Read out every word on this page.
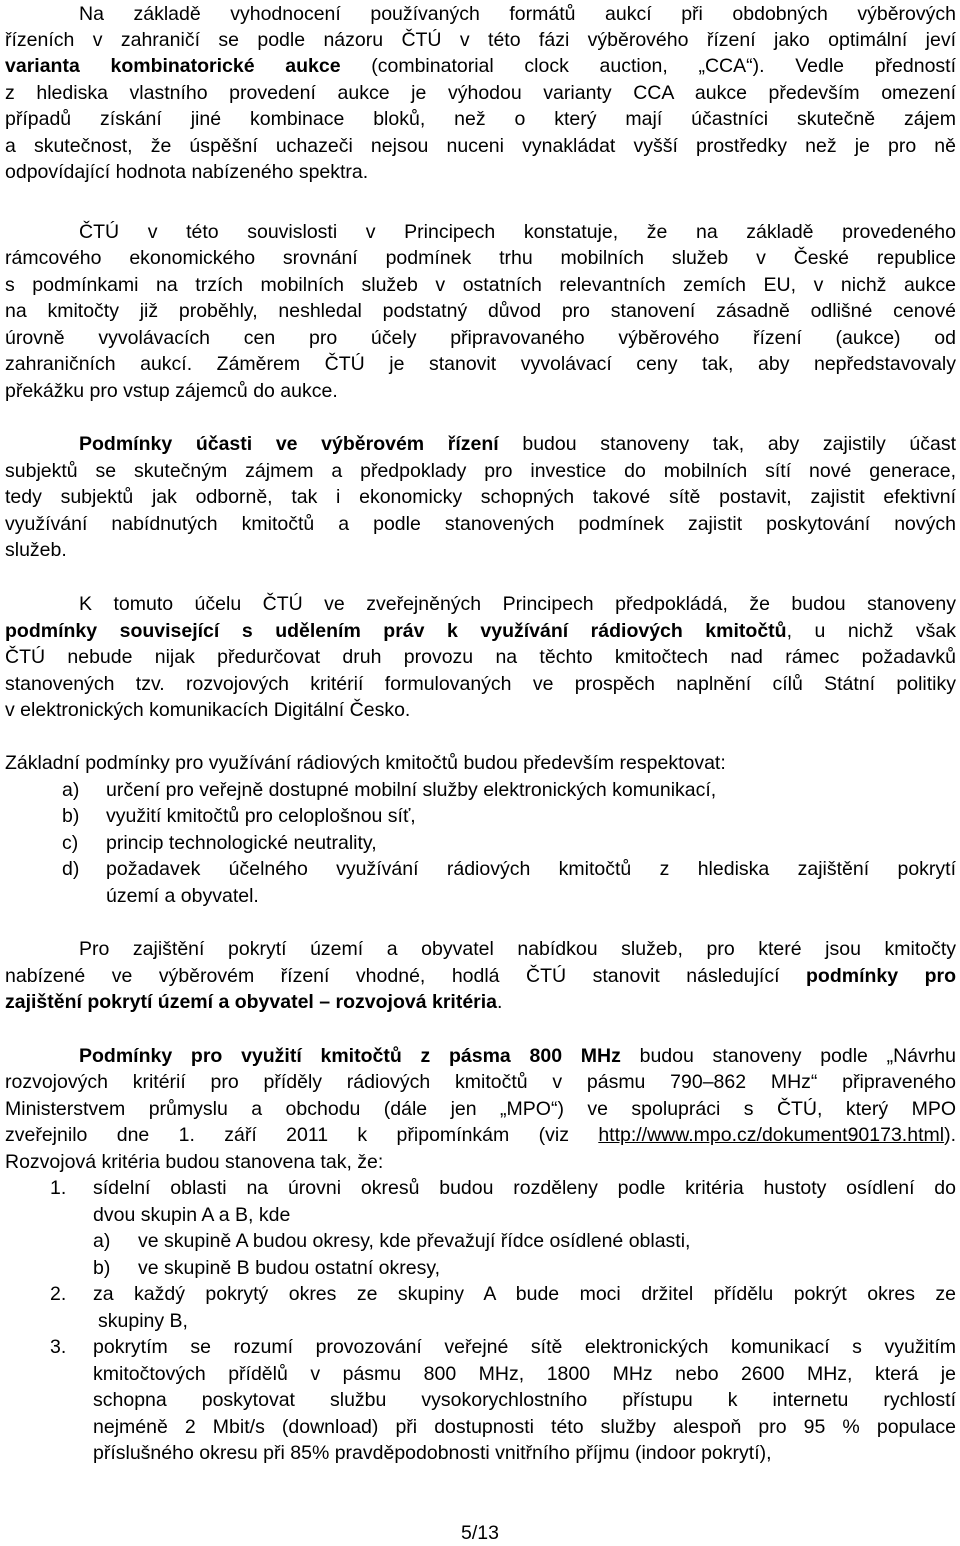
Na základě vyhodnocení používaných formátů aukcí při obdobných výběrových
řízeních v zahraničí se podle názoru ČTÚ v této fázi výběrového řízení jako optimální jeví
varianta kombinatorické aukce (combinatorial clock auction, „CCA“). Vedle předností
z hlediska vlastního provedení aukce je výhodou varianty CCA aukce především omezení
případů získání jiné kombinace bloků, než o který mají účastníci skutečně zájem
a skutečnost, že úspěšní uchazeči nejsou nuceni vynakládat vyšší prostředky než je pro ně
odpovídající hodnota nabízeného spektra.
ČTÚ v této souvislosti v Principech konstatuje, že na základě provedeného
rámcového ekonomického srovnání podmínek trhu mobilních služeb v České republice
s podmínkami na trzích mobilních služeb v ostatních relevantních zemích EU, v nichž aukce
na kmitočty již proběhly, neshledal podstatný důvod pro stanovení zásadně odlišné cenové
úrovně vyvolávacích cen pro účely připravovaného výběrového řízení (aukce) od
zahraničních aukcí. Záměrem ČTÚ je stanovit vyvolávací ceny tak, aby nepředstavovaly
překážku pro vstup zájemců do aukce.
Podmínky účasti ve výběrovém řízení budou stanoveny tak, aby zajistily účast
subjektů se skutečným zájmem a předpoklady pro investice do mobilních sítí nové generace,
tedy subjektů jak odborně, tak i ekonomicky schopných takové sítě postavit, zajistit efektivní
využívání nabídnutých kmitočtů a podle stanovených podmínek zajistit poskytování nových
služeb.
K tomuto účelu ČTÚ ve zveřejněných Principech předpokládá, že budou stanoveny
podmínky související s udělením práv k využívání rádiových kmitočtů, u nichž však
ČTÚ nebude nijak předurčovat druh provozu na těchto kmitočtech nad rámec požadavků
stanovených tzv. rozvojových kritérií formulovaných ve prospěch naplnění cílů Státní politiky
v elektronických komunikacích Digitální Česko.
Základní podmínky pro využívání rádiových kmitočtů budou především respektovat:
a)	určení pro veřejně dostupné mobilní služby elektronických komunikací,
b)	využití kmitočtů pro celoplošnou síť,
c)	princip technologické neutrality,
d)	požadavek účelného využívání rádiových kmitočtů z hlediska zajištění pokrytí
území a obyvatel.
Pro zajištění pokrytí území a obyvatel nabídkou služeb, pro které jsou kmitočty
nabízené ve výběrovém řízení vhodné, hodlá ČTÚ stanovit následující podmínky pro
zajištění pokrytí území a obyvatel – rozvojová kritéria.
Podmínky pro využití kmitočtů z pásma 800 MHz budou stanoveny podle „Návrhu
rozvojových kritérií pro příděly rádiových kmitočtů v pásmu 790–862 MHz“ připraveného
Ministerstvem průmyslu a obchodu (dále jen „MPO“) ve spolupráci s ČTÚ, který MPO
zveřejnilo dne 1. září 2011 k připomínkám (viz http://www.mpo.cz/dokument90173.html).
Rozvojová kritéria budou stanovena tak, že:
1.	sídelní oblasti na úrovni okresů budou rozděleny podle kritéria hustoty osídlení do
dvou skupin A a B, kde
a)	ve skupině A budou okresy, kde převažují řídce osídlené oblasti,
b)	ve skupině B budou ostatní okresy,
2.	za každý pokrytý okres ze skupiny A bude moci držitel přídělu pokrýt okres ze
skupiny B,
3.	pokrytím se rozumí provozování veřejné sítě elektronických komunikací s využitím
kmitočtových přídělů v pásmu 800 MHz, 1800 MHz nebo 2600 MHz, která je
schopna poskytovat službu vysokorychlostního přístupu k internetu rychlostí
nejméně 2 Mbit/s (download) při dostupnosti této služby alespoň pro 95 % populace
příslušného okresu při 85% pravděpodobnosti vnitřního příjmu (indoor pokrytí),
5/13
